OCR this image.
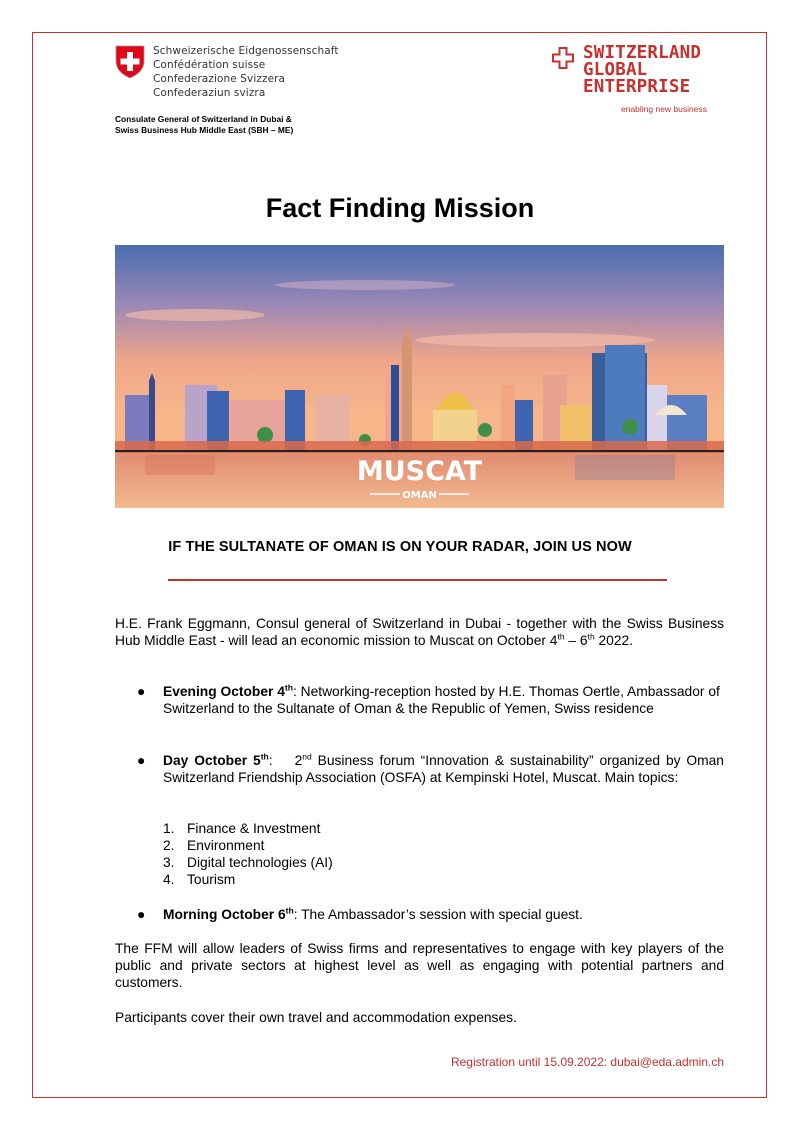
Schweizerische Eidgenossenschaft
Confédération suisse
Confederazione Svizzera
Confederaziun svizra
Consulate General of Switzerland in Dubai &
Swiss Business Hub Middle East (SBH – ME)
SWITZERLAND
GLOBAL
ENTERPRISE
enabling new business
Fact Finding Mission
MUSCAT
OMAN
IF THE SULTANATE OF OMAN IS ON YOUR RADAR, JOIN US NOW
H.E. Frank Eggmann, Consul general of Switzerland in Dubai - together with the Swiss Business Hub Middle East - will lead an economic mission to Muscat on October 4th – 6th 2022.
● Evening October 4th: Networking-reception hosted by H.E. Thomas Oertle, Ambassador of Switzerland to the Sultanate of Oman & the Republic of Yemen, Swiss residence
● Day October 5th: 2nd Business forum “Innovation & sustainability” organized by Oman Switzerland Friendship Association (OSFA) at Kempinski Hotel, Muscat. Main topics:
1. Finance & Investment
2. Environment
3. Digital technologies (AI)
4. Tourism
● Morning October 6th: The Ambassador’s session with special guest.
The FFM will allow leaders of Swiss firms and representatives to engage with key players of the public and private sectors at highest level as well as engaging with potential partners and customers.
Participants cover their own travel and accommodation expenses.
Registration until 15.09.2022: dubai@eda.admin.ch
